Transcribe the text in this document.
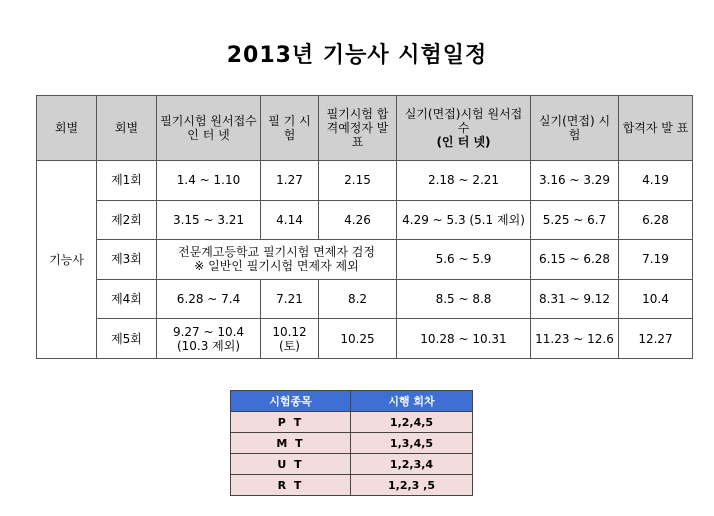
2013년 기능사 시험일정
회별	회별	필기시험 원서접수 인 터 넷	필 기 시 험	필기시험 합격예정자 발 표	실기(면접)시험 원서접수
(인 터 넷)	실기(면접) 시 험	합격자 발 표
기능사	제1회	1.4 ~ 1.10	1.27	2.15	2.18 ~ 2.21	3.16 ~ 3.29	4.19
	제2회	3.15 ~ 3.21	4.14	4.26	4.29 ~ 5.3 (5.1 제외)	5.25 ~ 6.7	6.28
	제3회	전문계고등학교 필기시험 면제자 검정
※ 일반인 필기시험 면제자 제외			5.6 ~ 5.9	6.15 ~ 6.28	7.19
	제4회	6.28 ~ 7.4	7.21	8.2	8.5 ~ 8.8	8.31 ~ 9.12	10.4
	제5회	9.27 ~ 10.4 (10.3 제외)	10.12 (토)	10.25	10.28 ~ 10.31	11.23 ~ 12.6	12.27
시험종목	시행 회차
P T	1,2,4,5
M T	1,3,4,5
U T	1,2,3,4
R T	1,2,3 ,5
